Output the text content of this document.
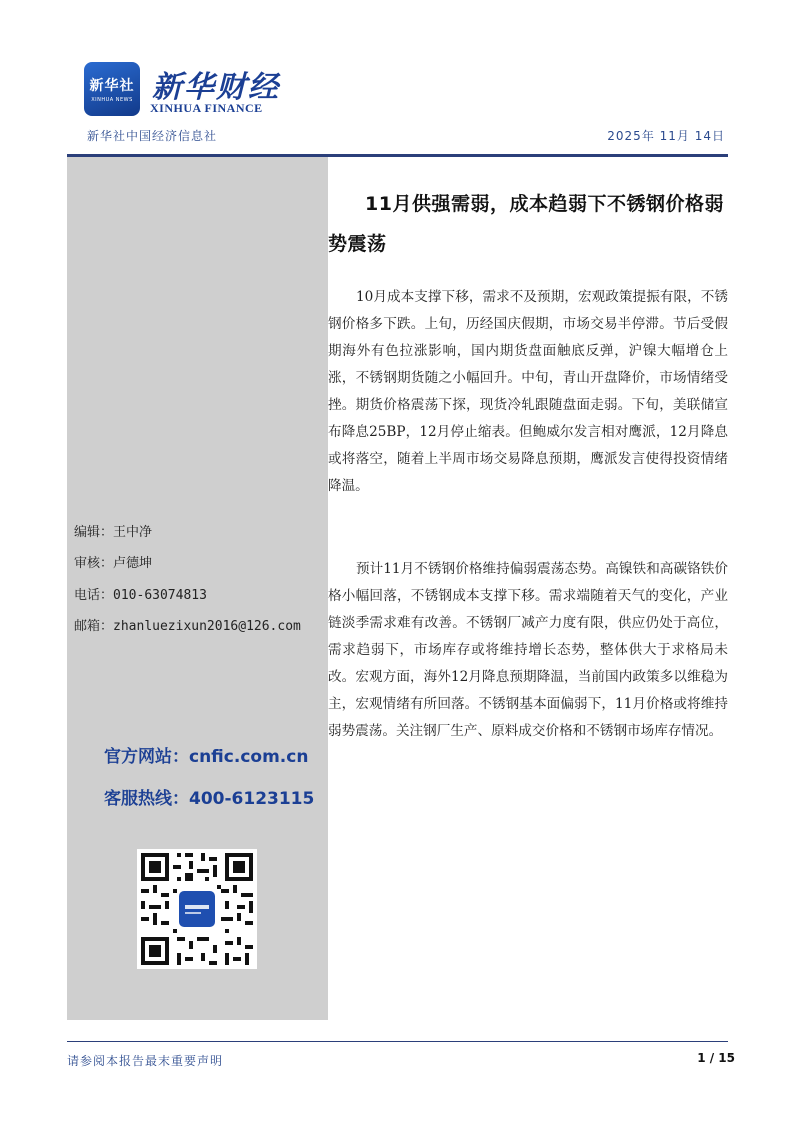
新华社
XINHUA NEWS 新华财经
XINHUA FINANCE
新华社中国经济信息社	2025年 11月 14日
编辑：王中净
审核：卢德坤
电话：010-63074813
邮箱：zhanluezixun2016@126.com
官方网站：cnfic.com.cn
客服热线：400-6123115
11月供强需弱，成本趋弱下不锈钢价格弱势震荡

10月成本支撑下移，需求不及预期，宏观政策提振有限，不锈钢价格多下跌。上旬，历经国庆假期，市场交易半停滞。节后受假期海外有色拉涨影响，国内期货盘面触底反弹，沪镍大幅增仓上涨，不锈钢期货随之小幅回升。中旬，青山开盘降价，市场情绪受挫。期货价格震荡下探，现货冷轧跟随盘面走弱。下旬，美联储宣布降息25BP，12月停止缩表。但鲍威尔发言相对鹰派，12月降息或将落空，随着上半周市场交易降息预期，鹰派发言使得投资情绪降温。

预计11月不锈钢价格维持偏弱震荡态势。高镍铁和高碳铬铁价格小幅回落，不锈钢成本支撑下移。需求端随着天气的变化，产业链淡季需求难有改善。不锈钢厂减产力度有限，供应仍处于高位，需求趋弱下，市场库存或将维持增长态势，整体供大于求格局未改。宏观方面，海外12月降息预期降温，当前国内政策多以维稳为主，宏观情绪有所回落。不锈钢基本面偏弱下，11月价格或将维持弱势震荡。关注钢厂生产、原料成交价格和不锈钢市场库存情况。

请参阅本报告最末重要声明	1 / 15
